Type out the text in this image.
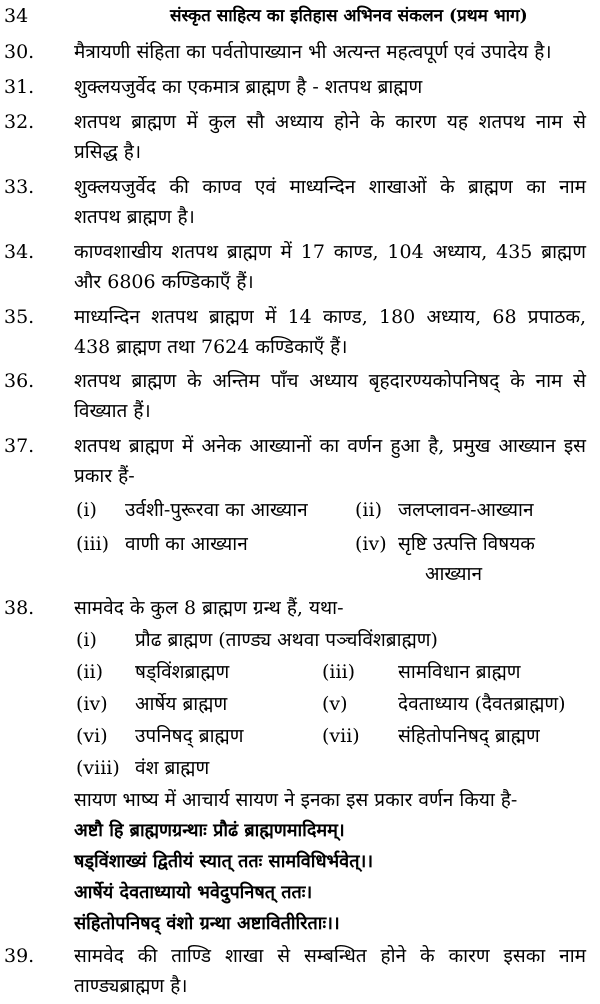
34	संस्कृत साहित्य का इतिहास अभिनव संकलन (प्रथम भाग)
30. मैत्रायणी संहिता का पर्वतोपाख्यान भी अत्यन्त महत्वपूर्ण एवं उपादेय है।
31. शुक्लयजुर्वेद का एकमात्र ब्राह्मण है - शतपथ ब्राह्मण
32. शतपथ ब्राह्मण में कुल सौ अध्याय होने के कारण यह शतपथ नाम से
प्रसिद्ध है।
33. शुक्लयजुर्वेद की काण्व एवं माध्यन्दिन शाखाओं के ब्राह्मण का नाम
शतपथ ब्राह्मण है।
34. काण्वशाखीय शतपथ ब्राह्मण में 17 काण्ड, 104 अध्याय, 435 ब्राह्मण
और 6806 कण्डिकाएँ हैं।
35. माध्यन्दिन शतपथ ब्राह्मण में 14 काण्ड, 180 अध्याय, 68 प्रपाठक,
438 ब्राह्मण तथा 7624 कण्डिकाएँ हैं।
36. शतपथ ब्राह्मण के अन्तिम पाँच अध्याय बृहदारण्यकोपनिषद् के नाम से
विख्यात हैं।
37. शतपथ ब्राह्मण में अनेक आख्यानों का वर्णन हुआ है, प्रमुख आख्यान इस
प्रकार हैं-
(i) उर्वशी-पुरूरवा का आख्यान (ii) जलप्लावन-आख्यान
(iii) वाणी का आख्यान	(iv) सृष्टि उत्पत्ति विषयक
आख्यान
38. सामवेद के कुल 8 ब्राह्मण ग्रन्थ हैं, यथा-
(i) प्रौढ ब्राह्मण (ताण्ड्य अथवा पञ्चविंशब्राह्मण)
(ii) षड्विंशब्राह्मण	(iii) सामविधान ब्राह्मण
(iv) आर्षेय ब्राह्मण	(v)	देवताध्याय (दैवतब्राह्मण)
(vi) उपनिषद् ब्राह्मण	(vii) संहितोपनिषद् ब्राह्मण
(viii) वंश ब्राह्मण
सायण भाष्य में आचार्य सायण ने इनका इस प्रकार वर्णन किया है-
अष्टौ हि ब्राह्मणग्रन्थाः प्रौढं ब्राह्मणमादिमम्।
षड्विंशाख्यं द्वितीयं स्यात् ततः सामविधिर्भवेत्।।
आर्षेयं देवताध्यायो भवेदुपनिषत् ततः।
संहितोपनिषद् वंशो ग्रन्था अष्टावितीरिताः।।
39. सामवेद की ताण्डि शाखा से सम्बन्धित होने के कारण इसका नाम
ताण्ड्यब्राह्मण है।
